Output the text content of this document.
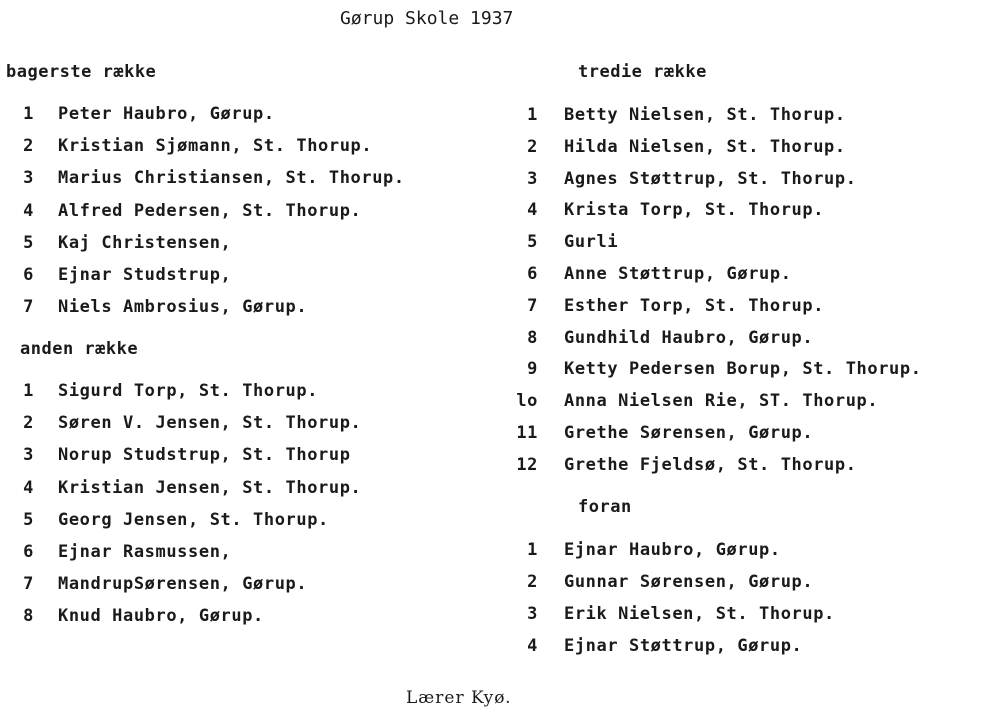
Gørup Skole 1937
bagerste række
1 Peter Haubro, Gørup.
2 Kristian Sjømann, St. Thorup.
3 Marius Christiansen, St. Thorup.
4 Alfred Pedersen, St. Thorup.
5 Kaj Christensen,
6 Ejnar Studstrup,
7 Niels Ambrosius, Gørup.
anden række
1 Sigurd Torp, St. Thorup.
2 Søren V. Jensen, St. Thorup.
3 Norup Studstrup, St. Thorup
4 Kristian Jensen, St. Thorup.
5 Georg Jensen, St. Thorup.
6 Ejnar Rasmussen,
7 MandrupSørensen, Gørup.
8 Knud Haubro, Gørup.
tredie række
1 Betty Nielsen, St. Thorup.
2 Hilda Nielsen, St. Thorup.
3 Agnes Støttrup, St. Thorup.
4 Krista Torp, St. Thorup.
5 Gurli
6 Anne Støttrup, Gørup.
7 Esther Torp, St. Thorup.
8 Gundhild Haubro, Gørup.
9 Ketty Pedersen Borup, St. Thorup.
lo Anna Nielsen Rie, ST. Thorup.
11 Grethe Sørensen, Gørup.
12 Grethe Fjeldsø, St. Thorup.
foran
1 Ejnar Haubro, Gørup.
2 Gunnar Sørensen, Gørup.
3 Erik Nielsen, St. Thorup.
4 Ejnar Støttrup, Gørup.
Lærer Kyø.
